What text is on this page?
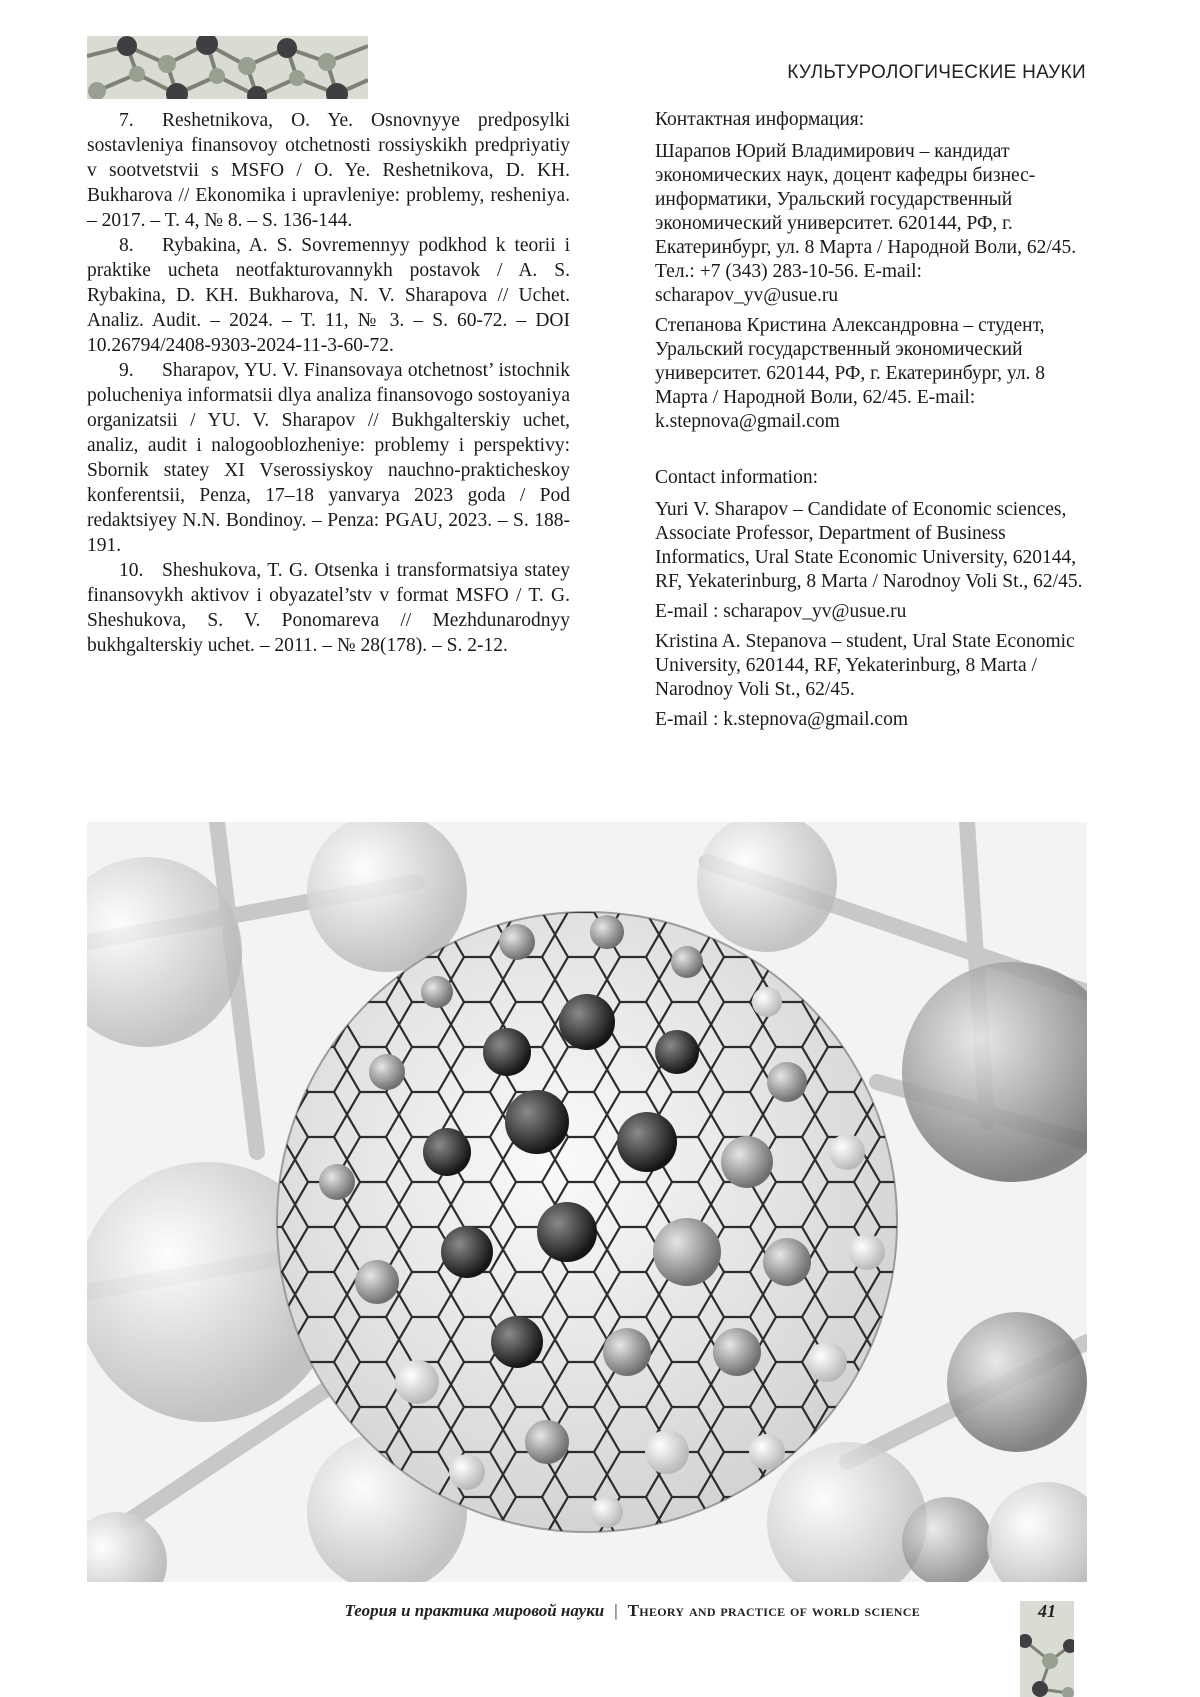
КУЛЬТУРОЛОГИЧЕСКИЕ НАУКИ

7. Reshetnikova, O. Ye. Osnovnyye predposylki sostavleniya finansovoy otchetnosti rossiyskikh predpriyatiy v sootvetstvii s MSFO / O. Ye. Reshetnikova, D. KH. Bukharova // Ekonomika i upravleniye: problemy, resheniya. – 2017. – T. 4, № 8. – S. 136-144.

8. Rybakina, A. S. Sovremennyy podkhod k teorii i praktike ucheta neotfakturovannykh postavok / A. S. Rybakina, D. KH. Bukharova, N. V. Sharapova // Uchet. Analiz. Audit. – 2024. – T. 11, № 3. – S. 60-72. – DOI 10.26794/2408-9303-2024-11-3-60-72.

9. Sharapov, YU. V. Finansovaya otchetnost’ istochnik polucheniya informatsii dlya analiza finansovogo sostoyaniya organizatsii / YU. V. Sharapov // Bukhgalterskiy uchet, analiz, audit i nalogooblozheniye: problemy i perspektivy: Sbornik statey XI Vserossiyskoy nauchno-prakticheskoy konferentsii, Penza, 17–18 yanvarya 2023 goda / Pod redaktsiyey N.N. Bondinoy. – Penza: PGAU, 2023. – S. 188-191.

10. Sheshukova, T. G. Otsenka i transformatsiya statey finansovykh aktivov i obyazatel’stv v format MSFO / T. G. Sheshukova, S. V. Ponomareva // Mezhdunarodnyy bukhgalterskiy uchet. – 2011. – № 28(178). – S. 2-12.

Контактная информация:

Шарапов Юрий Владимирович – кандидат экономических наук, доцент кафедры бизнес-информатики, Уральский государственный экономический университет. 620144, РФ, г. Екатеринбург, ул. 8 Марта / Народной Воли, 62/45. Тел.: +7 (343) 283-10-56. E-mail: scharapov_yv@usue.ru

Степанова Кристина Александровна – студент, Уральский государственный экономический университет. 620144, РФ, г. Екатеринбург, ул. 8 Марта / Народной Воли, 62/45. E-mail: k.stepnova@gmail.com

Contact information:

Yuri V. Sharapov – Candidate of Economic sciences, Associate Professor, Department of Business Informatics, Ural State Economic University, 620144, RF, Yekaterinburg, 8 Marta / Narodnoy Voli St., 62/45.

E-mail : scharapov_yv@usue.ru

Kristina A. Stepanova – student, Ural State Economic University, 620144, RF, Yekaterinburg, 8 Marta / Narodnoy Voli St., 62/45.

E-mail : k.stepnova@gmail.com

Теория и практика мировой науки | Theory and practice of world science	41
